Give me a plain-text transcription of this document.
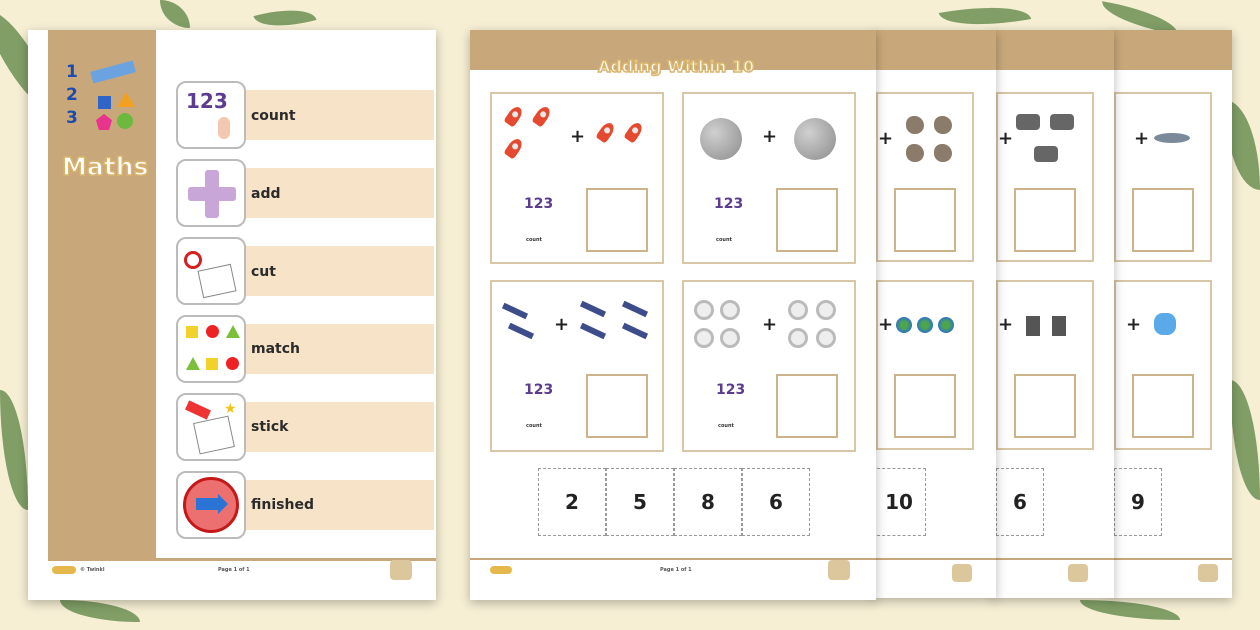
1
2
3
Maths
© Twinkl	Page 1 of 1
123
count
add
cut
match
★
stick
finished
+
+
9
+
+
6
+
+
10
Adding Within 10
+
123
count
+
123
count
+
123
count
+
123
count
2	5	8	6
Page 1 of 1
